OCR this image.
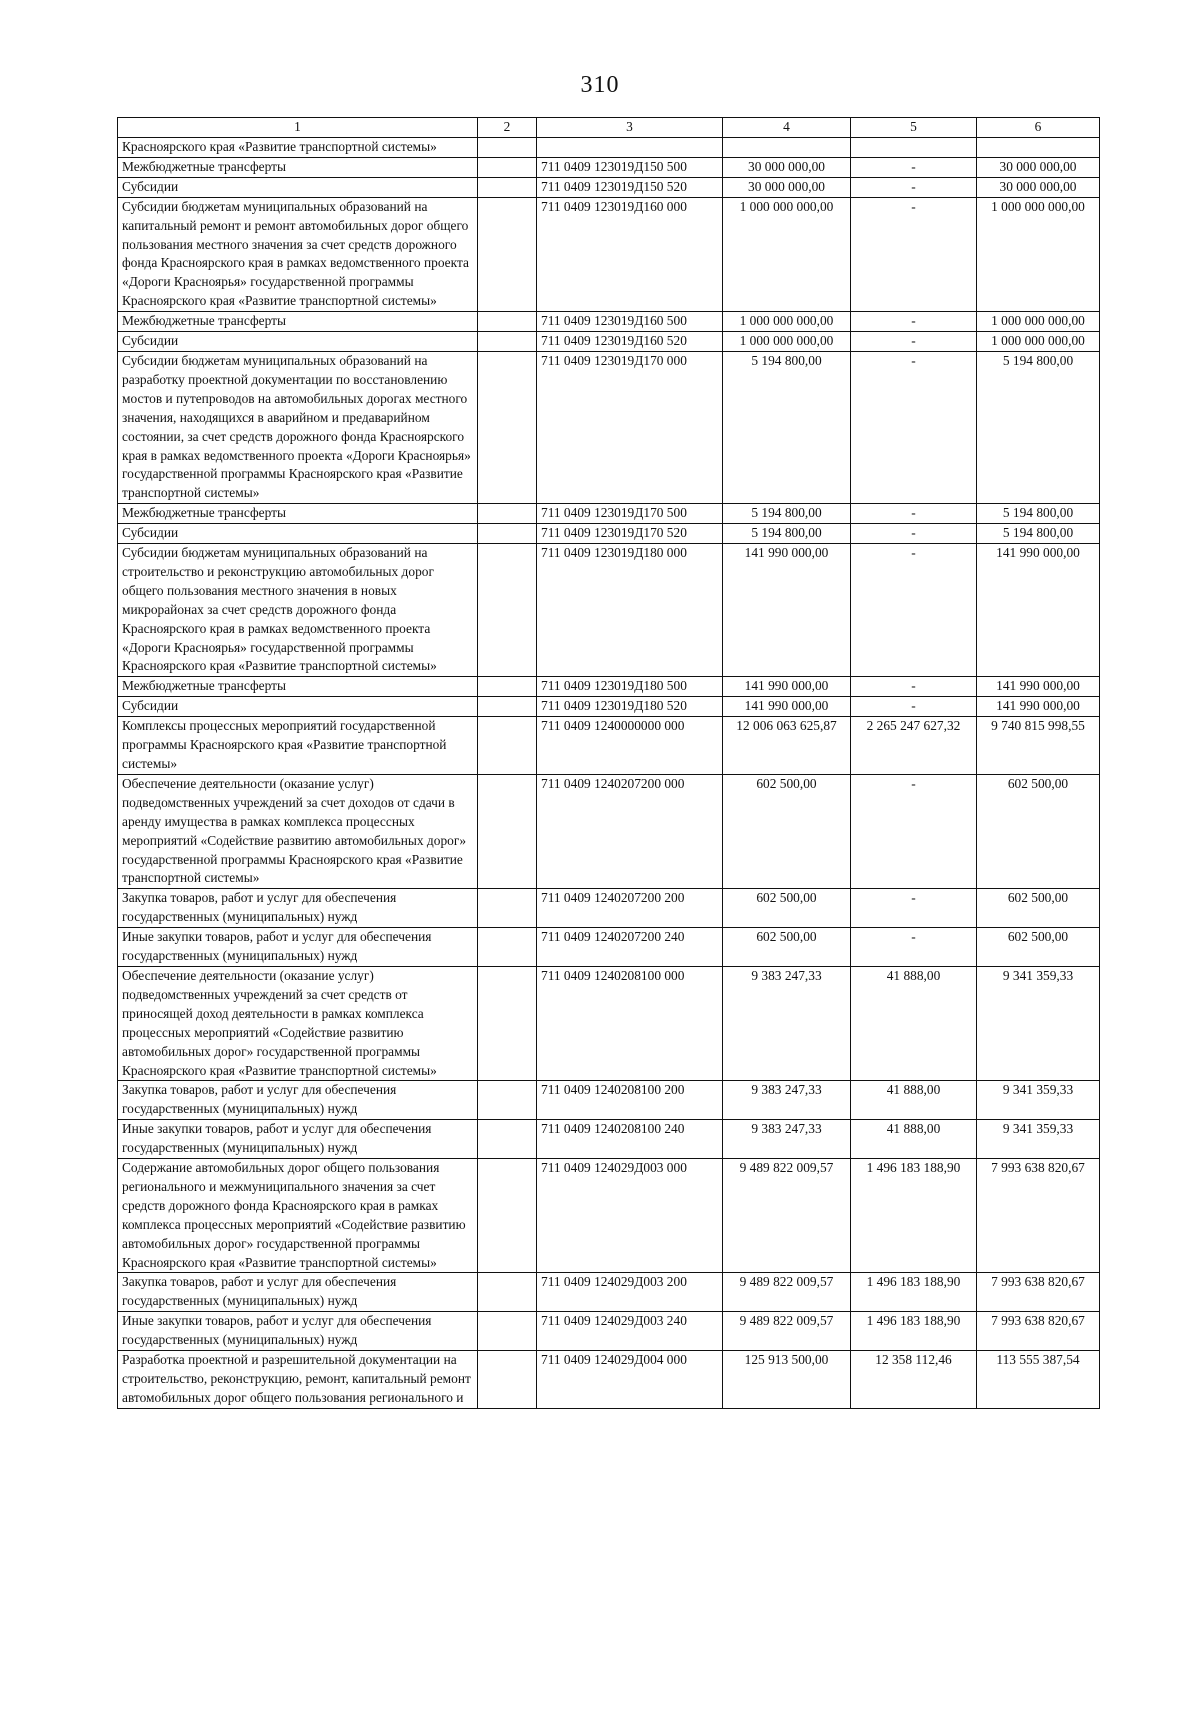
310
1	2	3	4	5	6
Красноярского края «Развитие транспортной системы»					
Межбюджетные трансферты		711 0409 123019Д150 500	30 000 000,00	-	30 000 000,00
Субсидии		711 0409 123019Д150 520	30 000 000,00	-	30 000 000,00
Субсидии бюджетам муниципальных образований на капитальный ремонт и ремонт автомобильных дорог общего пользования местного значения за счет средств дорожного фонда Красноярского края в рамках ведомственного проекта «Дороги Красноярья» государственной программы Красноярского края «Развитие транспортной системы»		711 0409 123019Д160 000	1 000 000 000,00	-	1 000 000 000,00
Межбюджетные трансферты		711 0409 123019Д160 500	1 000 000 000,00	-	1 000 000 000,00
Субсидии		711 0409 123019Д160 520	1 000 000 000,00	-	1 000 000 000,00
Субсидии бюджетам муниципальных образований на разработку проектной документации по восстановлению мостов и путепроводов на автомобильных дорогах местного значения, находящихся в аварийном и предаварийном состоянии, за счет средств дорожного фонда Красноярского края в рамках ведомственного проекта «Дороги Красноярья» государственной программы Красноярского края «Развитие транспортной системы»		711 0409 123019Д170 000	5 194 800,00	-	5 194 800,00
Межбюджетные трансферты		711 0409 123019Д170 500	5 194 800,00	-	5 194 800,00
Субсидии		711 0409 123019Д170 520	5 194 800,00	-	5 194 800,00
Субсидии бюджетам муниципальных образований на строительство и реконструкцию автомобильных дорог общего пользования местного значения в новых микрорайонах за счет средств дорожного фонда Красноярского края в рамках ведомственного проекта «Дороги Красноярья» государственной программы Красноярского края «Развитие транспортной системы»		711 0409 123019Д180 000	141 990 000,00	-	141 990 000,00
Межбюджетные трансферты		711 0409 123019Д180 500	141 990 000,00	-	141 990 000,00
Субсидии		711 0409 123019Д180 520	141 990 000,00	-	141 990 000,00
Комплексы процессных мероприятий государственной программы Красноярского края «Развитие транспортной системы»		711 0409 1240000000 000	12 006 063 625,87	2 265 247 627,32	9 740 815 998,55
Обеспечение деятельности (оказание услуг) подведомственных учреждений за счет доходов от сдачи в аренду имущества в рамках комплекса процессных мероприятий «Содействие развитию автомобильных дорог» государственной программы Красноярского края «Развитие транспортной системы»		711 0409 1240207200 000	602 500,00	-	602 500,00
Закупка товаров, работ и услуг для обеспечения государственных (муниципальных) нужд		711 0409 1240207200 200	602 500,00	-	602 500,00
Иные закупки товаров, работ и услуг для обеспечения государственных (муниципальных) нужд		711 0409 1240207200 240	602 500,00	-	602 500,00
Обеспечение деятельности (оказание услуг) подведомственных учреждений за счет средств от приносящей доход деятельности в рамках комплекса процессных мероприятий «Содействие развитию автомобильных дорог» государственной программы Красноярского края «Развитие транспортной системы»		711 0409 1240208100 000	9 383 247,33	41 888,00	9 341 359,33
Закупка товаров, работ и услуг для обеспечения государственных (муниципальных) нужд		711 0409 1240208100 200	9 383 247,33	41 888,00	9 341 359,33
Иные закупки товаров, работ и услуг для обеспечения государственных (муниципальных) нужд		711 0409 1240208100 240	9 383 247,33	41 888,00	9 341 359,33
Содержание автомобильных дорог общего пользования регионального и межмуниципального значения за счет средств дорожного фонда Красноярского края в рамках комплекса процессных мероприятий «Содействие развитию автомобильных дорог» государственной программы Красноярского края «Развитие транспортной системы»		711 0409 124029Д003 000	9 489 822 009,57	1 496 183 188,90	7 993 638 820,67
Закупка товаров, работ и услуг для обеспечения государственных (муниципальных) нужд		711 0409 124029Д003 200	9 489 822 009,57	1 496 183 188,90	7 993 638 820,67
Иные закупки товаров, работ и услуг для обеспечения государственных (муниципальных) нужд		711 0409 124029Д003 240	9 489 822 009,57	1 496 183 188,90	7 993 638 820,67
Разработка проектной и разрешительной документации на строительство, реконструкцию, ремонт, капитальный ремонт автомобильных дорог общего пользования регионального и		711 0409 124029Д004 000	125 913 500,00	12 358 112,46	113 555 387,54
